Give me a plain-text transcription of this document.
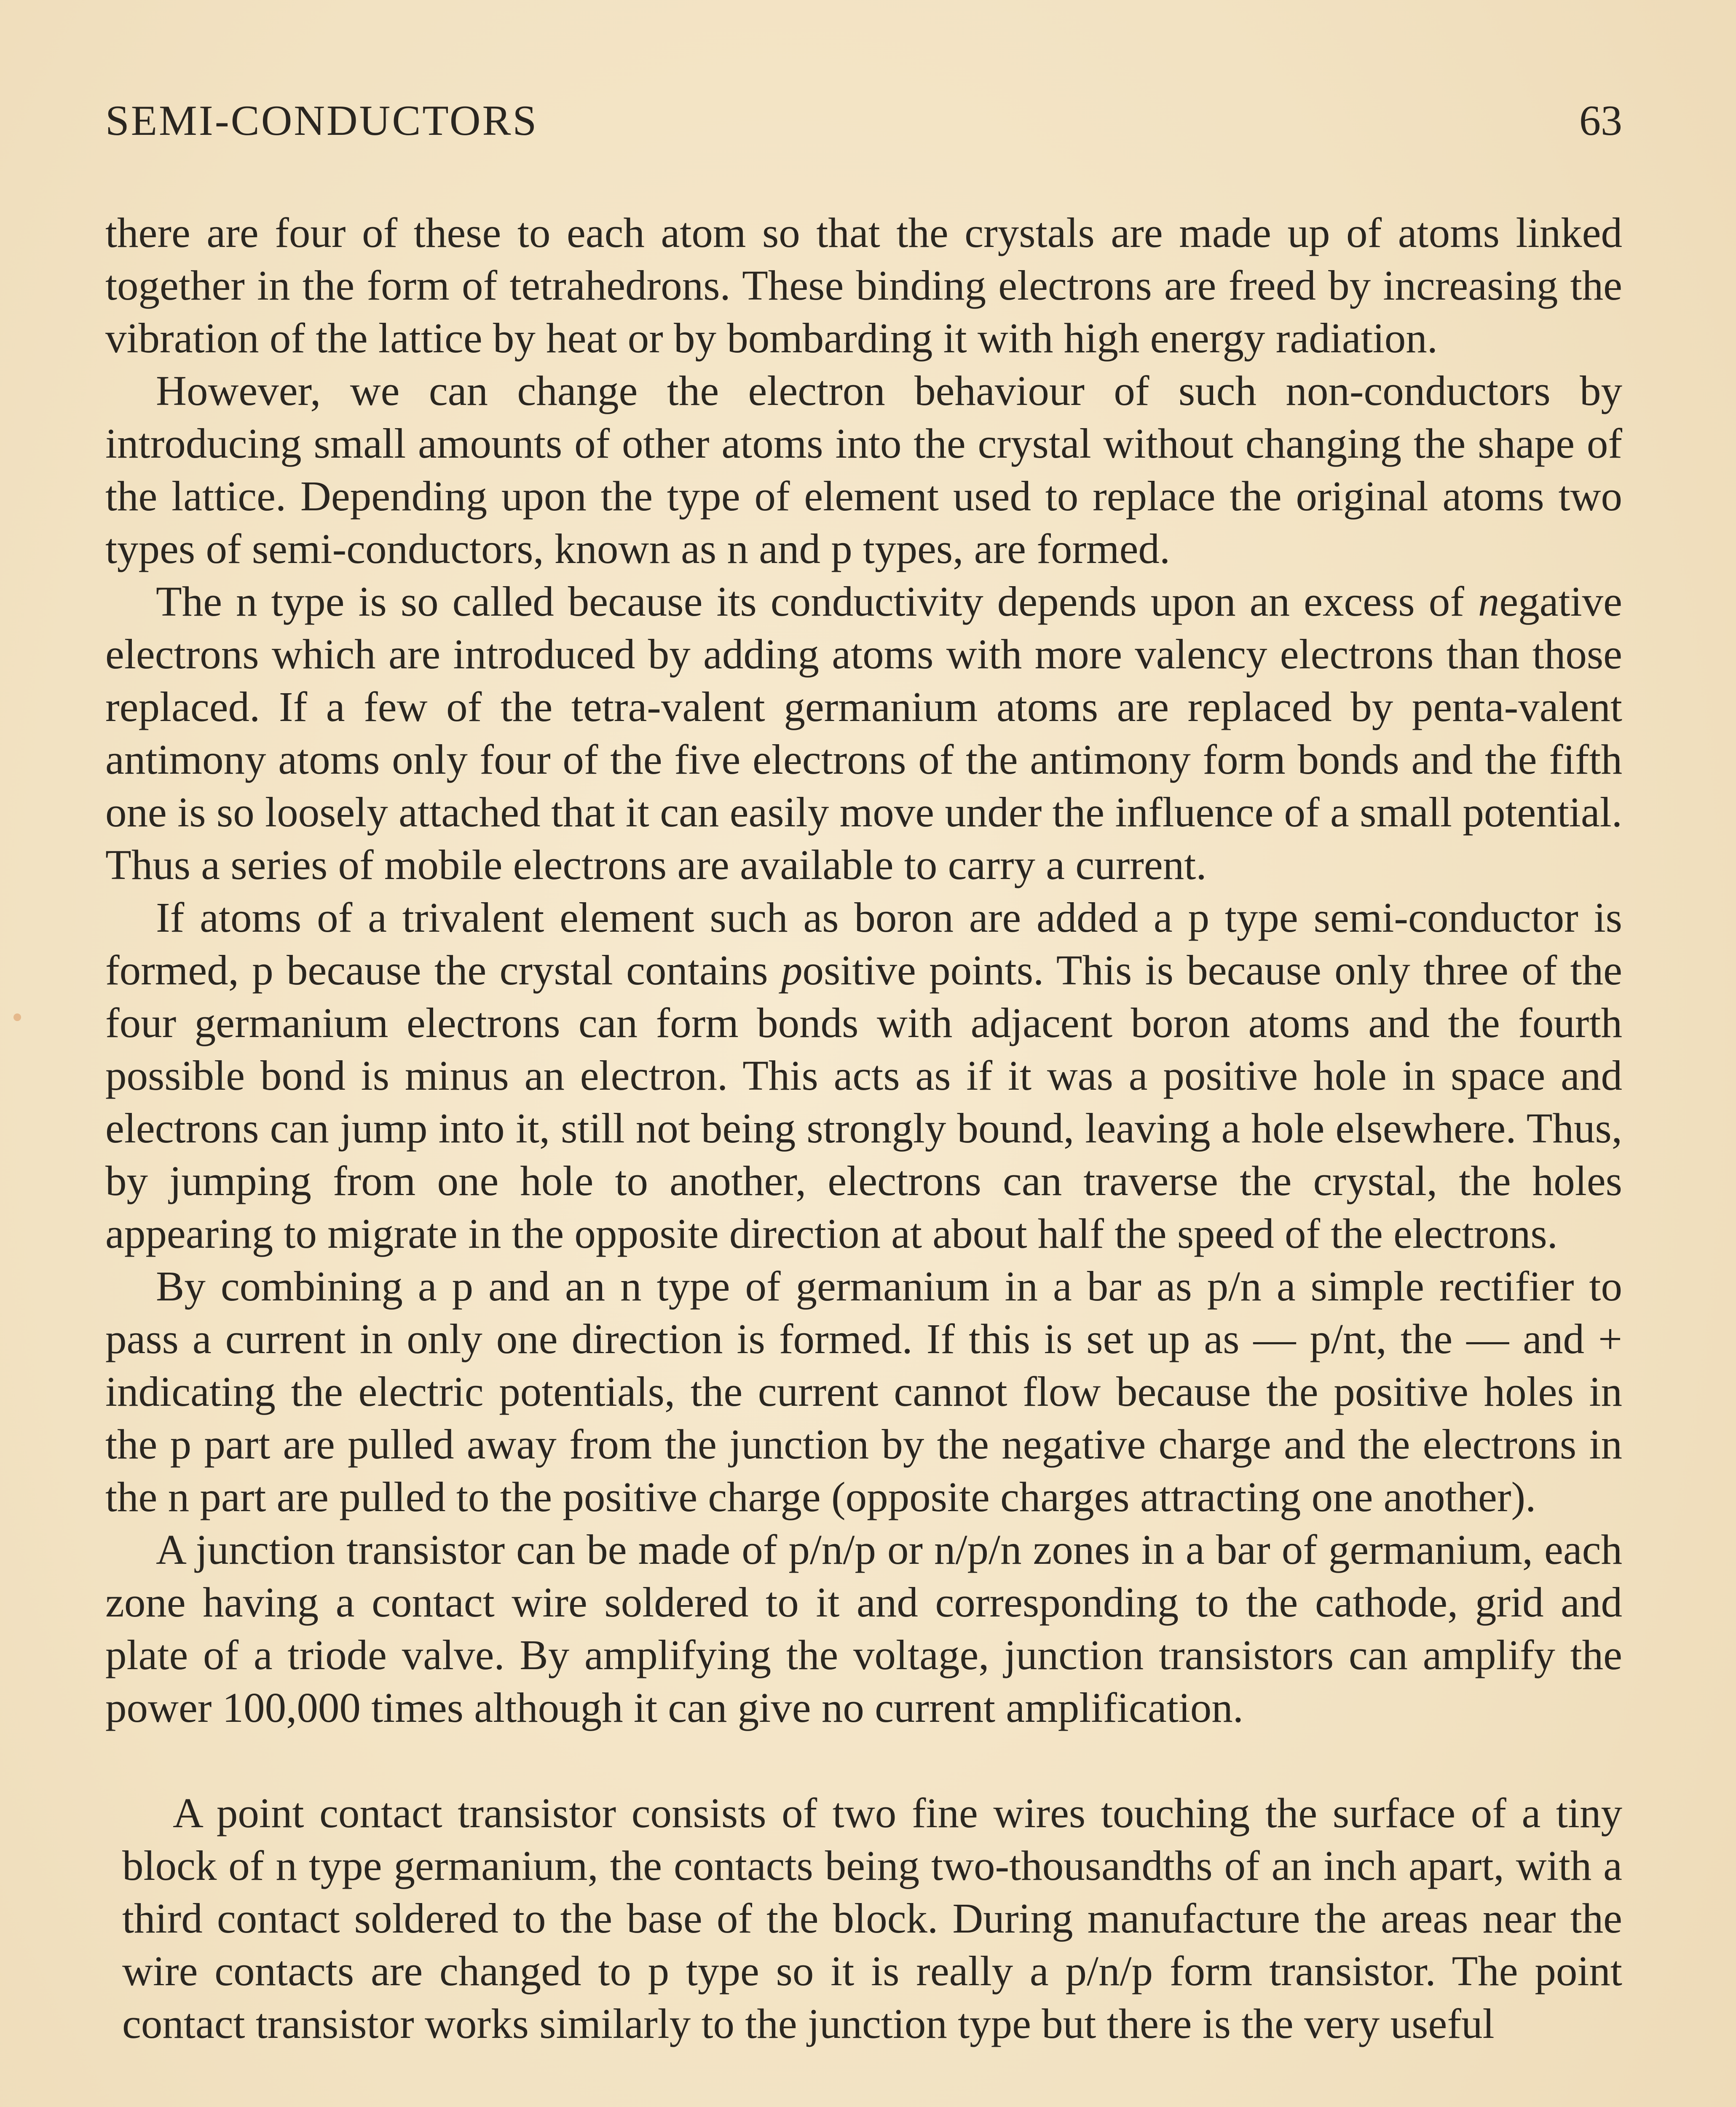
SEMI-CONDUCTORS	63

there are four of these to each atom so that the crystals are made up of atoms linked together in the form of tetrahedrons. These binding electrons are freed by increasing the vibration of the lattice by heat or by bombarding it with high energy radiation.

However, we can change the electron behaviour of such non-conductors by introducing small amounts of other atoms into the crystal without changing the shape of the lattice. Depending upon the type of element used to replace the original atoms two types of semi-conductors, known as n and p types, are formed.

The n type is so called because its conductivity depends upon an excess of negative electrons which are introduced by adding atoms with more valency electrons than those replaced. If a few of the tetra-valent germanium atoms are replaced by penta-valent antimony atoms only four of the five electrons of the antimony form bonds and the fifth one is so loosely attached that it can easily move under the influence of a small potential. Thus a series of mobile electrons are available to carry a current.

If atoms of a trivalent element such as boron are added a p type semi-conductor is formed, p because the crystal contains positive points. This is because only three of the four germanium electrons can form bonds with adjacent boron atoms and the fourth possible bond is minus an electron. This acts as if it was a positive hole in space and electrons can jump into it, still not being strongly bound, leaving a hole elsewhere. Thus, by jumping from one hole to another, electrons can traverse the crystal, the holes appearing to migrate in the opposite direction at about half the speed of the electrons.

By combining a p and an n type of germanium in a bar as p/n a simple rectifier to pass a current in only one direction is formed. If this is set up as — p/nt, the — and + indicating the electric potentials, the current cannot flow because the positive holes in the p part are pulled away from the junction by the negative charge and the electrons in the n part are pulled to the positive charge (opposite charges attracting one another).

A junction transistor can be made of p/n/p or n/p/n zones in a bar of germanium, each zone having a contact wire soldered to it and corresponding to the cathode, grid and plate of a triode valve. By amplifying the voltage, junction transistors can amplify the power 100,000 times although it can give no current amplification.

A point contact transistor consists of two fine wires touching the surface of a tiny block of n type germanium, the contacts being two-thousandths of an inch apart, with a third contact soldered to the base of the block. During manufacture the areas near the wire contacts are changed to p type so it is really a p/n/p form transistor. The point contact transistor works similarly to the junction type but there is the very useful
